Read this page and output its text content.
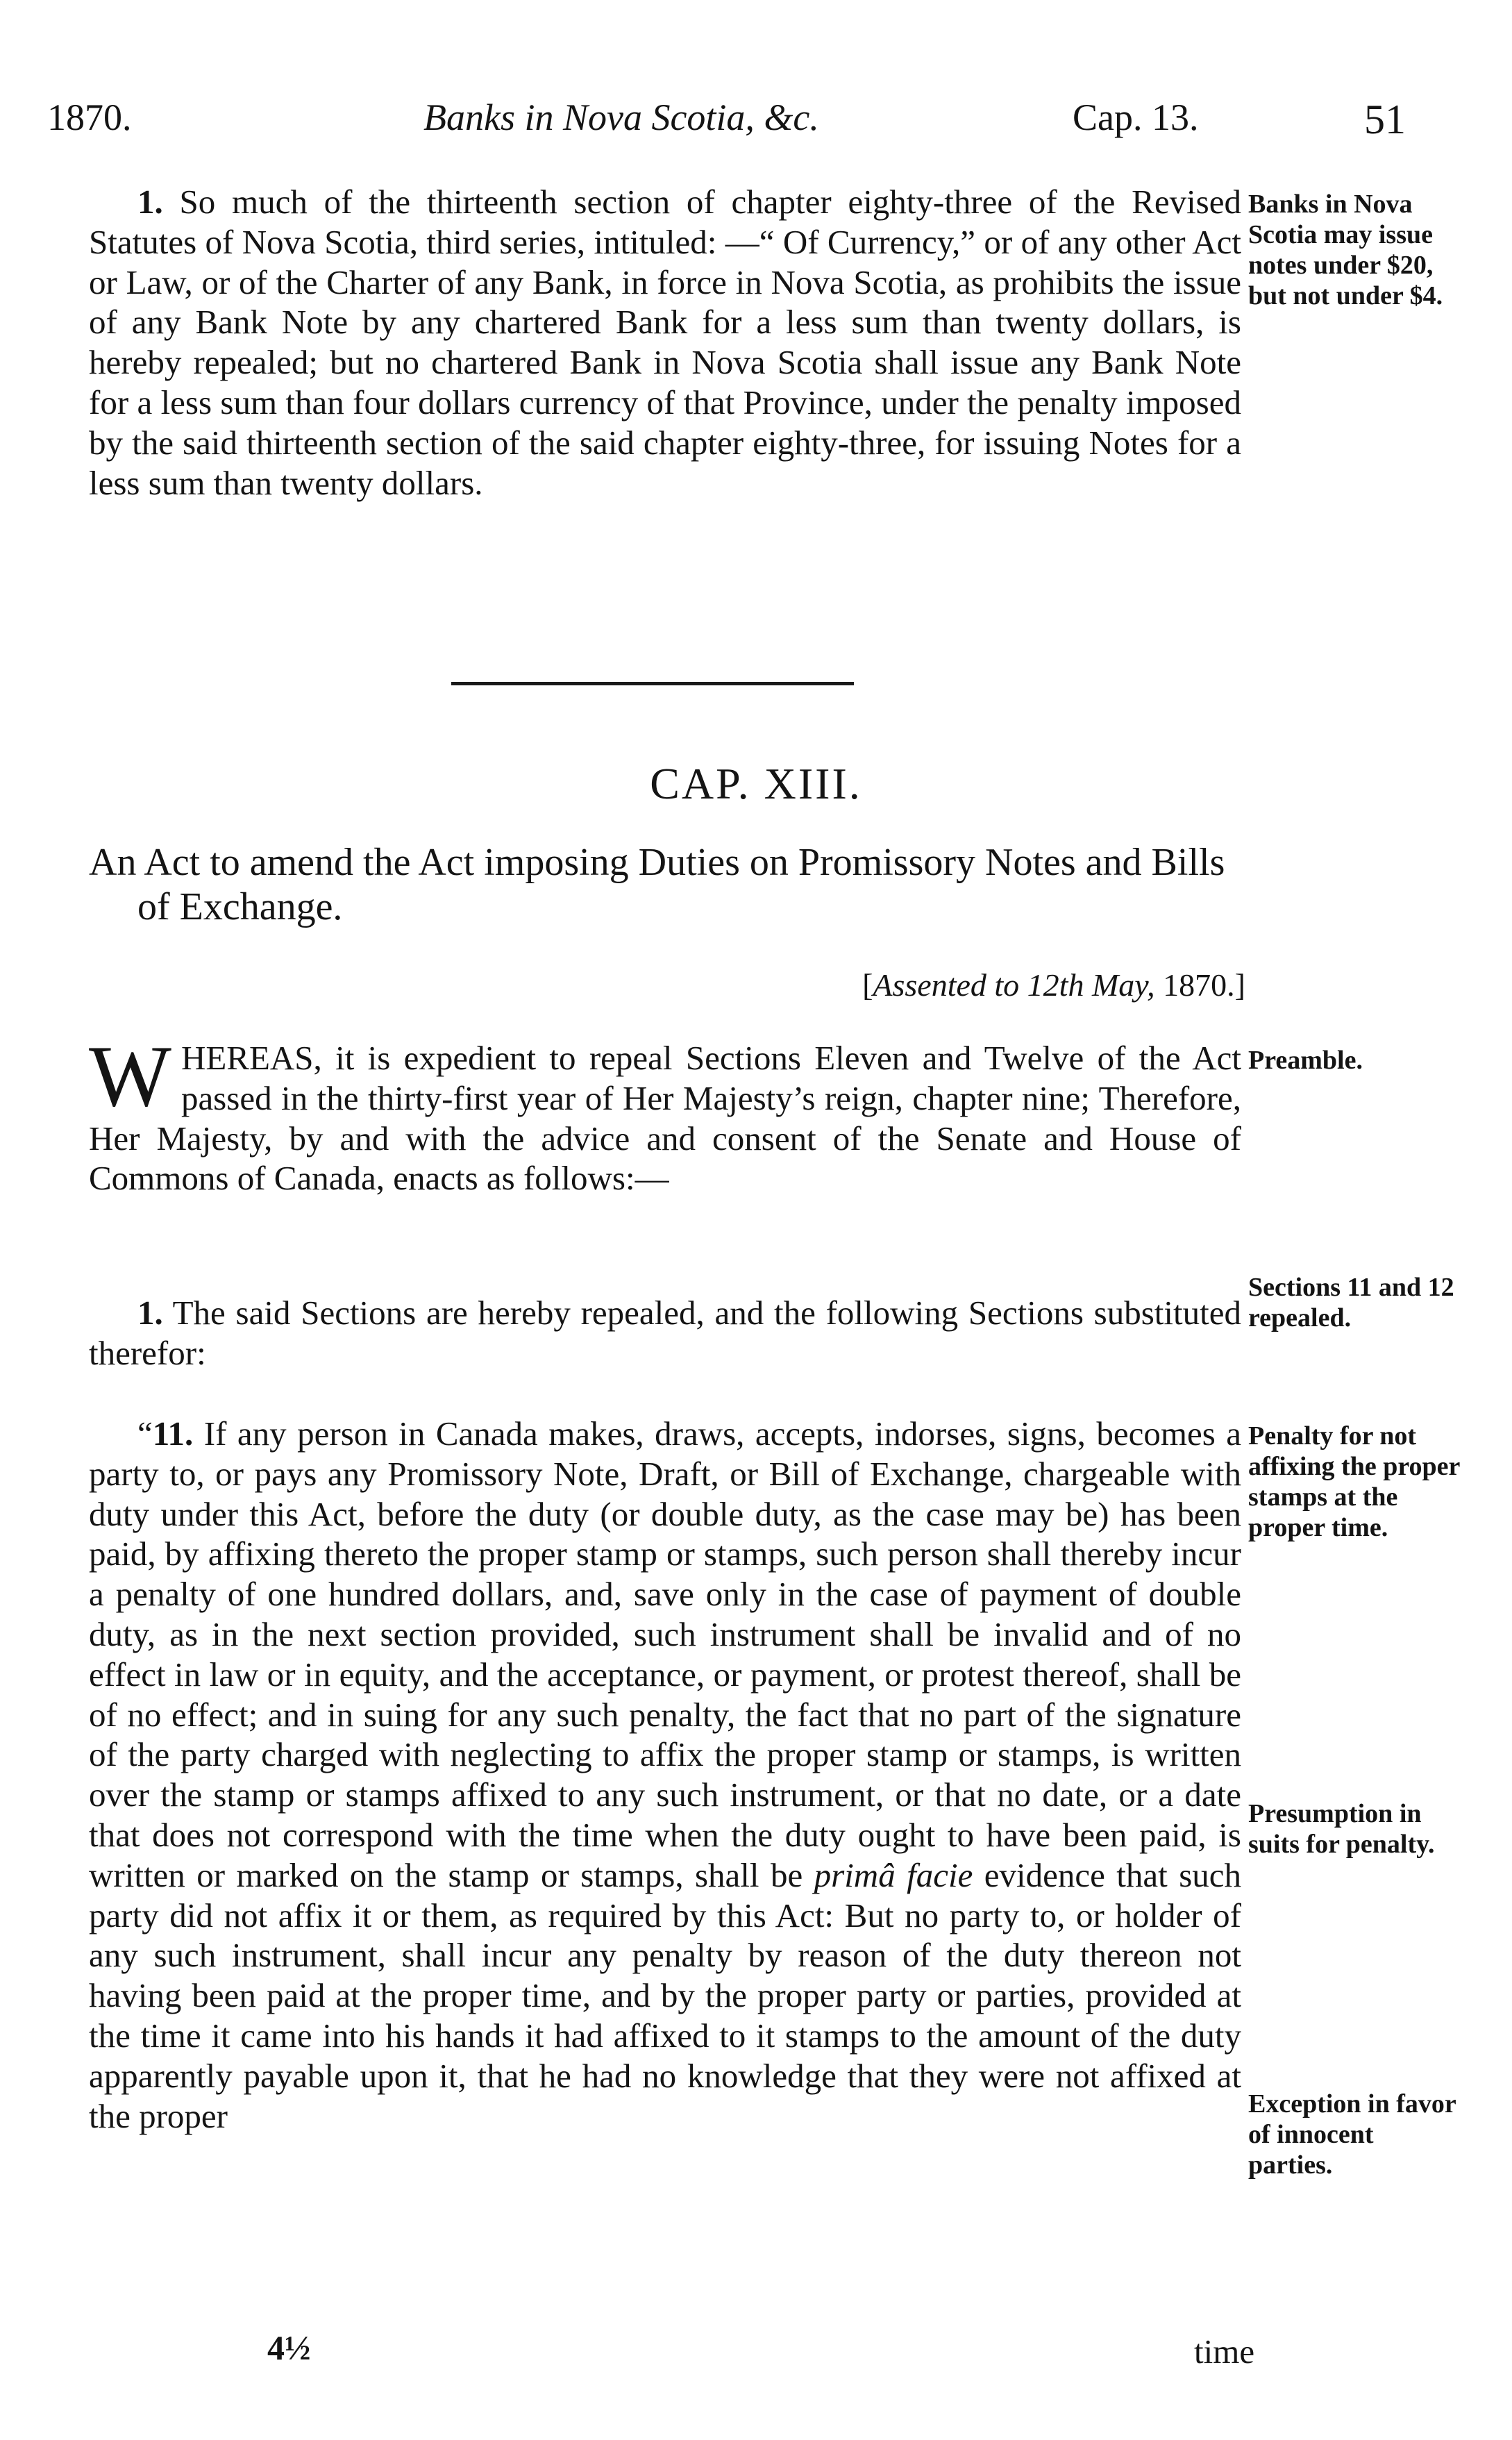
1870.	Banks in Nova Scotia, &c.	Cap. 13.	51

1. So much of the thirteenth section of chapter eighty-three of the Revised Statutes of Nova Scotia, third series, intituled: —“ Of Currency,” or of any other Act or Law, or of the Charter of any Bank, in force in Nova Scotia, as prohibits the issue of any Bank Note by any chartered Bank for a less sum than twenty dollars, is hereby repealed; but no chartered Bank in Nova Scotia shall issue any Bank Note for a less sum than four dollars currency of that Province, under the penalty imposed by the said thirteenth section of the said chapter eighty-three, for issuing Notes for a less sum than twenty dollars.

Banks in Nova Scotia may issue notes under $20, but not under $4.
CAP. XIII.

An Act to amend the Act imposing Duties on Promissory Notes and Bills of Exchange.

[Assented to 12th May, 1870.]

WHEREAS, it is expedient to repeal Sections Eleven and Twelve of the Act passed in the thirty-first year of Her Majesty’s reign, chapter nine; Therefore, Her Majesty, by and with the advice and consent of the Senate and House of Commons of Canada, enacts as follows:—

Preamble.

1. The said Sections are hereby repealed, and the following Sections substituted therefor:

Sections 11 and 12 repealed.

“11. If any person in Canada makes, draws, accepts, indorses, signs, becomes a party to, or pays any Promissory Note, Draft, or Bill of Exchange, chargeable with duty under this Act, before the duty (or double duty, as the case may be) has been paid, by affixing thereto the proper stamp or stamps, such person shall thereby incur a penalty of one hundred dollars, and, save only in the case of payment of double duty, as in the next section provided, such instrument shall be invalid and of no effect in law or in equity, and the acceptance, or payment, or protest thereof, shall be of no effect; and in suing for any such penalty, the fact that no part of the signature of the party charged with neglecting to affix the proper stamp or stamps, is written over the stamp or stamps affixed to any such instrument, or that no date, or a date that does not correspond with the time when the duty ought to have been paid, is written or marked on the stamp or stamps, shall be primâ facie evidence that such party did not affix it or them, as required by this Act: But no party to, or holder of any such instrument, shall incur any penalty by reason of the duty thereon not having been paid at the proper time, and by the proper party or parties, provided at the time it came into his hands it had affixed to it stamps to the amount of the duty apparently payable upon it, that he had no knowledge that they were not affixed at the proper

Penalty for not affixing the proper stamps at the proper time.
Presumption in suits for penalty.
Exception in favor of innocent parties.
4½	time
